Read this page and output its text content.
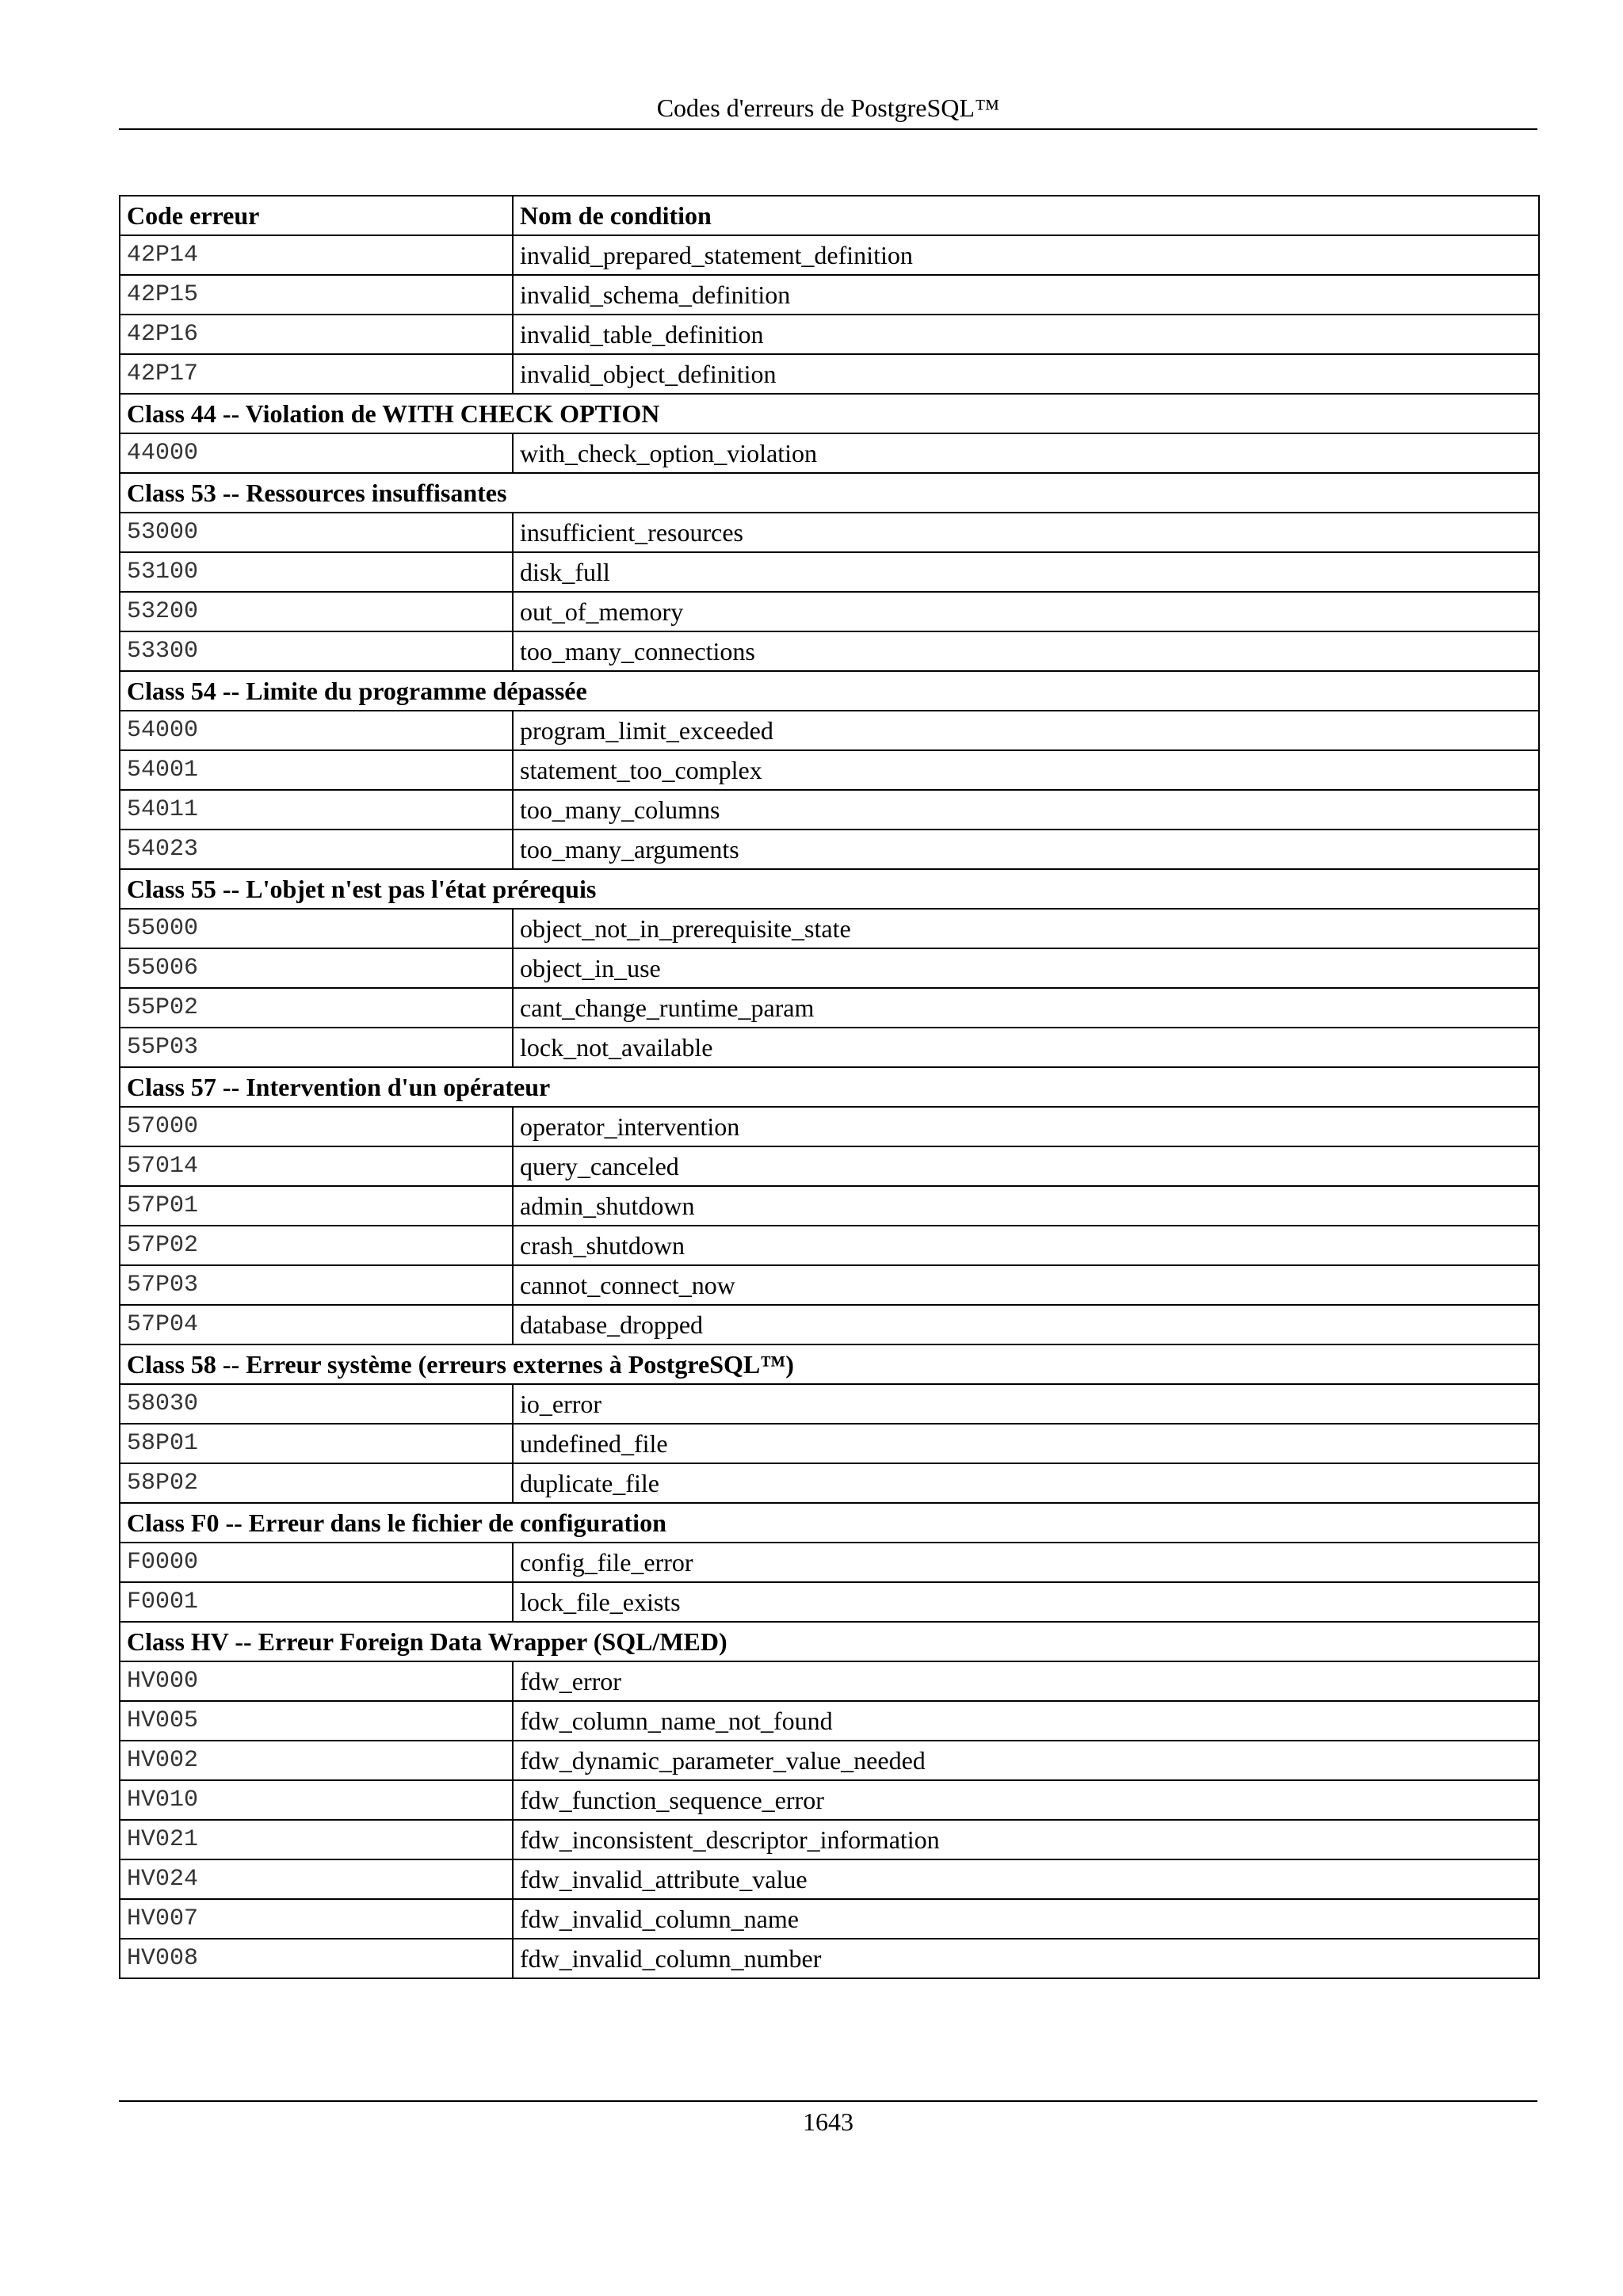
Codes d'erreurs de PostgreSQL™
Code erreur	Nom de condition
42P14	invalid_prepared_statement_definition
42P15	invalid_schema_definition
42P16	invalid_table_definition
42P17	invalid_object_definition
Class 44 -- Violation de WITH CHECK OPTION	
44000	with_check_option_violation
Class 53 -- Ressources insuffisantes	
53000	insufficient_resources
53100	disk_full
53200	out_of_memory
53300	too_many_connections
Class 54 -- Limite du programme dépassée	
54000	program_limit_exceeded
54001	statement_too_complex
54011	too_many_columns
54023	too_many_arguments
Class 55 -- L'objet n'est pas l'état prérequis	
55000	object_not_in_prerequisite_state
55006	object_in_use
55P02	cant_change_runtime_param
55P03	lock_not_available
Class 57 -- Intervention d'un opérateur	
57000	operator_intervention
57014	query_canceled
57P01	admin_shutdown
57P02	crash_shutdown
57P03	cannot_connect_now
57P04	database_dropped
Class 58 -- Erreur système (erreurs externes à PostgreSQL™)	
58030	io_error
58P01	undefined_file
58P02	duplicate_file
Class F0 -- Erreur dans le fichier de configuration	
F0000	config_file_error
F0001	lock_file_exists
Class HV -- Erreur Foreign Data Wrapper (SQL/MED)	
HV000	fdw_error
HV005	fdw_column_name_not_found
HV002	fdw_dynamic_parameter_value_needed
HV010	fdw_function_sequence_error
HV021	fdw_inconsistent_descriptor_information
HV024	fdw_invalid_attribute_value
HV007	fdw_invalid_column_name
HV008	fdw_invalid_column_number
1643
